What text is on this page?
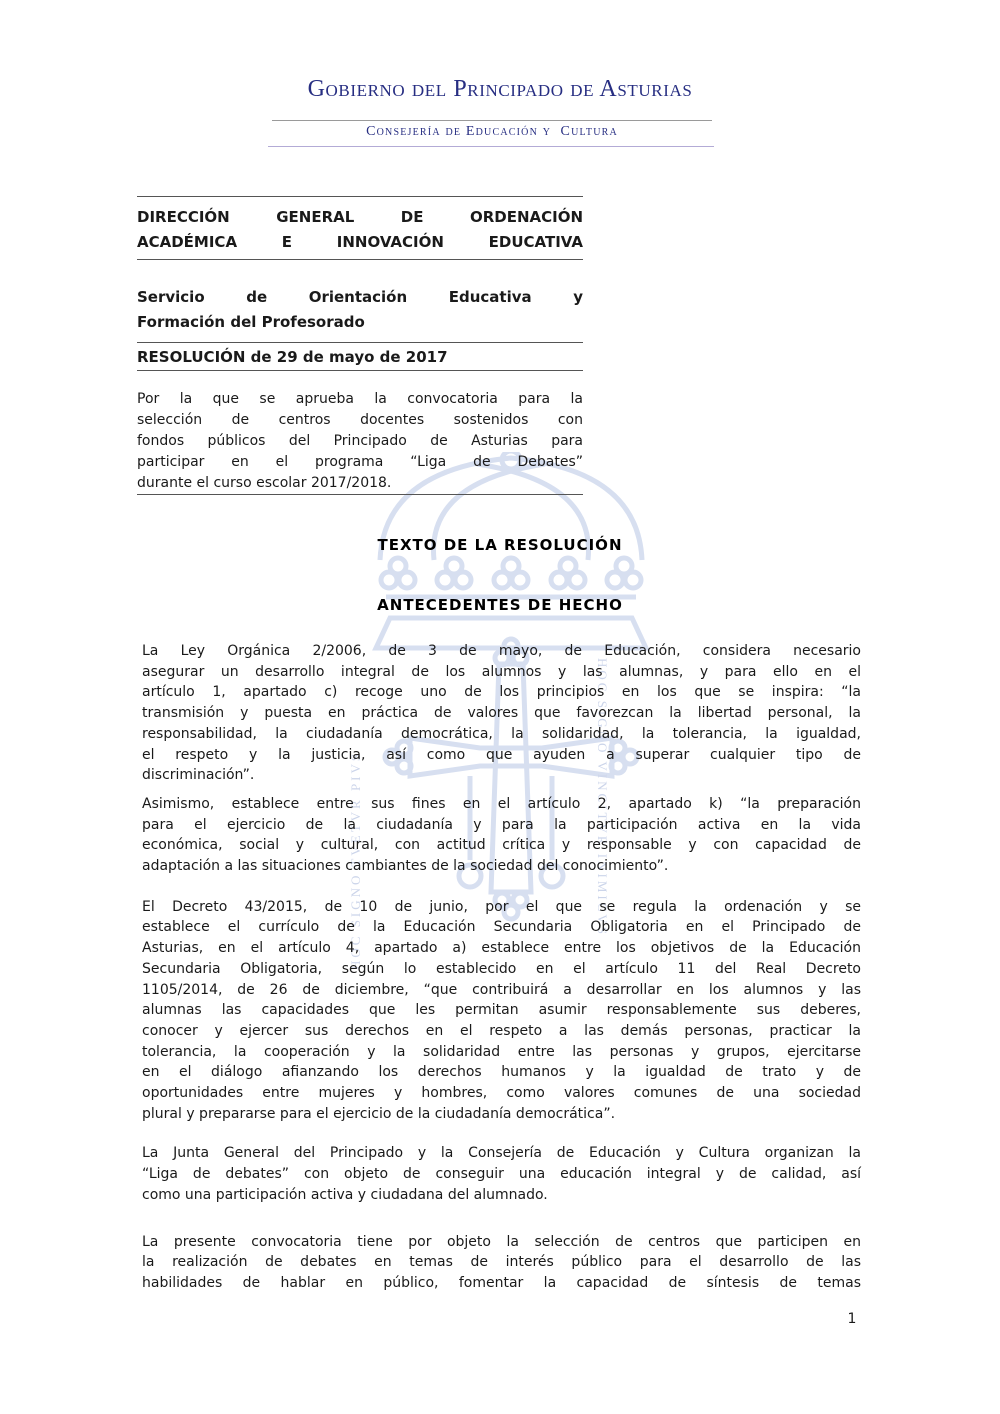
Gobierno del Principado de Asturias
Consejería de Educación y  Cultura
HOC SIGNO TVETVR PIVS	HOC SIGNO VINCITVR INIMICVS
DIRECCIÓN GENERAL DE ORDENACIÓN
ACADÉMICA E INNOVACIÓN EDUCATIVA
Servicio de Orientación Educativa y
Formación del Profesorado
RESOLUCIÓN de 29 de mayo de 2017
Por la que se aprueba la convocatoria para la
selección de centros docentes sostenidos con
fondos públicos del Principado de Asturias para
participar en el programa “Liga de Debates”
durante el curso escolar 2017/2018.
TEXTO DE LA RESOLUCIÓN
ANTECEDENTES DE HECHO

La Ley Orgánica 2/2006, de 3 de mayo, de Educación, considera necesario
asegurar un desarrollo integral de los alumnos y las alumnas, y para ello en el
artículo 1, apartado c) recoge uno de los principios en los que se inspira: “la
transmisión y puesta en práctica de valores que favorezcan la libertad personal, la
responsabilidad, la ciudadanía democrática, la solidaridad, la tolerancia, la igualdad,
el respeto y la justicia, así como que ayuden a superar cualquier tipo de
discriminación”.

Asimismo, establece entre sus fines en el artículo 2, apartado k) “la preparación
para el ejercicio de la ciudadanía y para la participación activa en la vida
económica, social y cultural, con actitud crítica y responsable y con capacidad de
adaptación a las situaciones cambiantes de la sociedad del conocimiento”.

El Decreto 43/2015, de 10 de junio, por el que se regula la ordenación y se
establece el currículo de la Educación Secundaria Obligatoria en el Principado de
Asturias, en el artículo 4, apartado a) establece entre los objetivos de la Educación
Secundaria Obligatoria, según lo establecido en el artículo 11 del Real Decreto
1105/2014, de 26 de diciembre, “que contribuirá a desarrollar en los alumnos y las
alumnas las capacidades que les permitan asumir responsablemente sus deberes,
conocer y ejercer sus derechos en el respeto a las demás personas, practicar la
tolerancia, la cooperación y la solidaridad entre las personas y grupos, ejercitarse
en el diálogo afianzando los derechos humanos y la igualdad de trato y de
oportunidades entre mujeres y hombres, como valores comunes de una sociedad
plural y prepararse para el ejercicio de la ciudadanía democrática”.

La Junta General del Principado y la Consejería de Educación y Cultura organizan la
“Liga de debates” con objeto de conseguir una educación integral y de calidad, así
como una participación activa y ciudadana del alumnado.

La presente convocatoria tiene por objeto la selección de centros que participen en
la realización de debates en temas de interés público para el desarrollo de las
habilidades de hablar en público, fomentar la capacidad de síntesis de temas

1
